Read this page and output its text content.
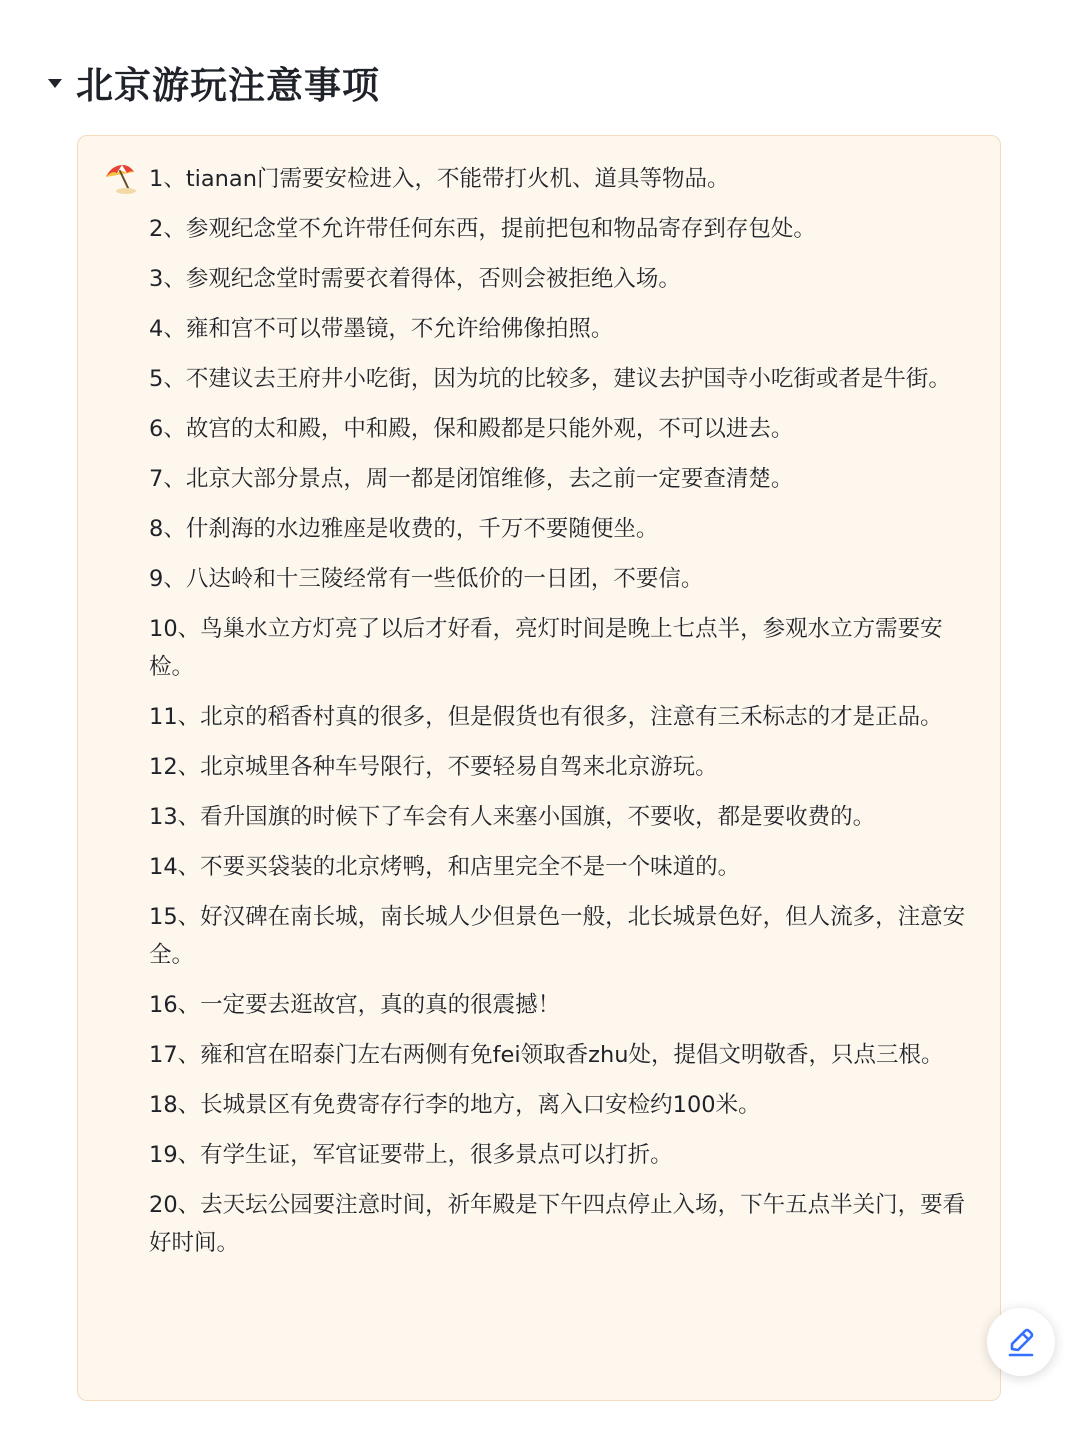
北京游玩注意事项
1、tianan门需要安检进入，不能带打火机、道具等物品。
2、参观纪念堂不允许带任何东西，提前把包和物品寄存到存包处。
3、参观纪念堂时需要衣着得体，否则会被拒绝入场。
4、雍和宫不可以带墨镜，不允许给佛像拍照。
5、不建议去王府井小吃街，因为坑的比较多，建议去护国寺小吃街或者是牛街。
6、故宫的太和殿，中和殿，保和殿都是只能外观，不可以进去。
7、北京大部分景点，周一都是闭馆维修，去之前一定要查清楚。
8、什刹海的水边雅座是收费的，千万不要随便坐。
9、八达岭和十三陵经常有一些低价的一日团，不要信。
10、鸟巢水立方灯亮了以后才好看，亮灯时间是晚上七点半，参观水立方需要安检。
11、北京的稻香村真的很多，但是假货也有很多，注意有三禾标志的才是正品。
12、北京城里各种车号限行，不要轻易自驾来北京游玩。
13、看升国旗的时候下了车会有人来塞小国旗，不要收，都是要收费的。
14、不要买袋装的北京烤鸭，和店里完全不是一个味道的。
15、好汉碑在南长城，南长城人少但景色一般，北长城景色好，但人流多，注意安全。
16、一定要去逛故宫，真的真的很震撼！
17、雍和宫在昭泰门左右两侧有免fei领取香zhu处，提倡文明敬香，只点三根。
18、长城景区有免费寄存行李的地方，离入口安检约100米。
19、有学生证，军官证要带上，很多景点可以打折。
20、去天坛公园要注意时间，祈年殿是下午四点停止入场，下午五点半关门，要看好时间。
